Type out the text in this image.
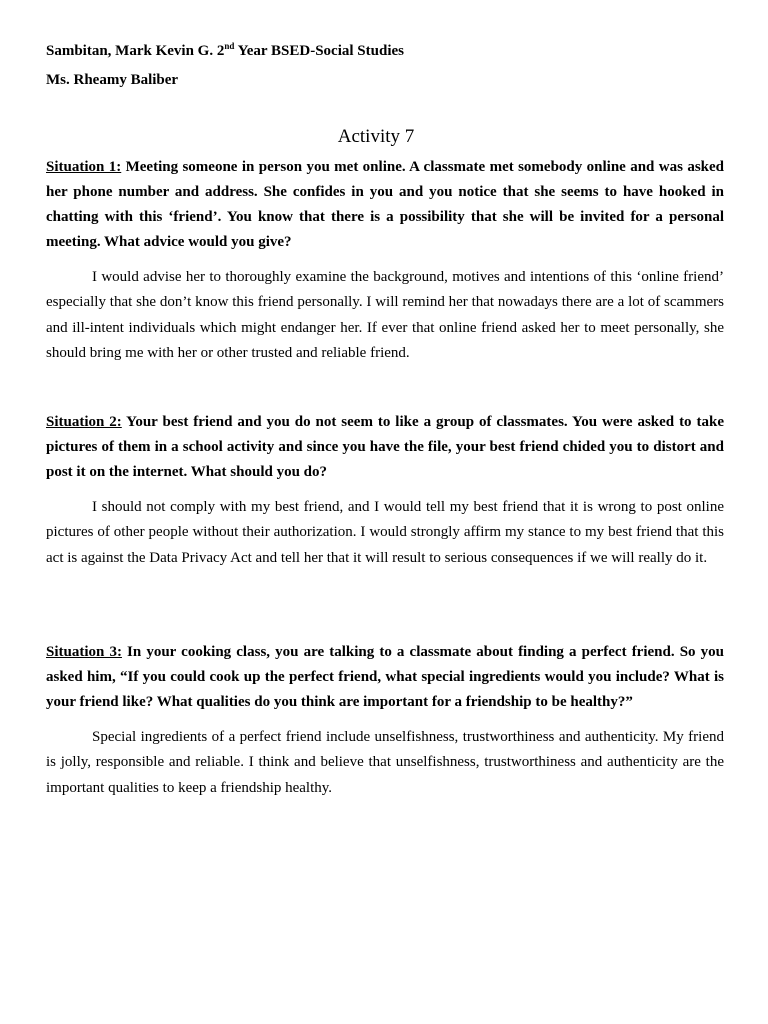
Sambitan, Mark Kevin G. 2nd Year BSED-Social Studies
Ms. Rheamy Baliber
Activity 7

Situation 1: Meeting someone in person you met online. A classmate met somebody online and was asked her phone number and address. She confides in you and you notice that she seems to have hooked in chatting with this ‘friend’. You know that there is a possibility that she will be invited for a personal meeting. What advice would you give?

I would advise her to thoroughly examine the background, motives and intentions of this ‘online friend’ especially that she don’t know this friend personally. I will remind her that nowadays there are a lot of scammers and ill-intent individuals which might endanger her. If ever that online friend asked her to meet personally, she should bring me with her or other trusted and reliable friend.

Situation 2: Your best friend and you do not seem to like a group of classmates. You were asked to take pictures of them in a school activity and since you have the file, your best friend chided you to distort and post it on the internet. What should you do?

I should not comply with my best friend, and I would tell my best friend that it is wrong to post online pictures of other people without their authorization. I would strongly affirm my stance to my best friend that this act is against the Data Privacy Act and tell her that it will result to serious consequences if we will really do it.

Situation 3: In your cooking class, you are talking to a classmate about finding a perfect friend. So you asked him, “If you could cook up the perfect friend, what special ingredients would you include? What is your friend like? What qualities do you think are important for a friendship to be healthy?”

Special ingredients of a perfect friend include unselfishness, trustworthiness and authenticity. My friend is jolly, responsible and reliable. I think and believe that unselfishness, trustworthiness and authenticity are the important qualities to keep a friendship healthy.
